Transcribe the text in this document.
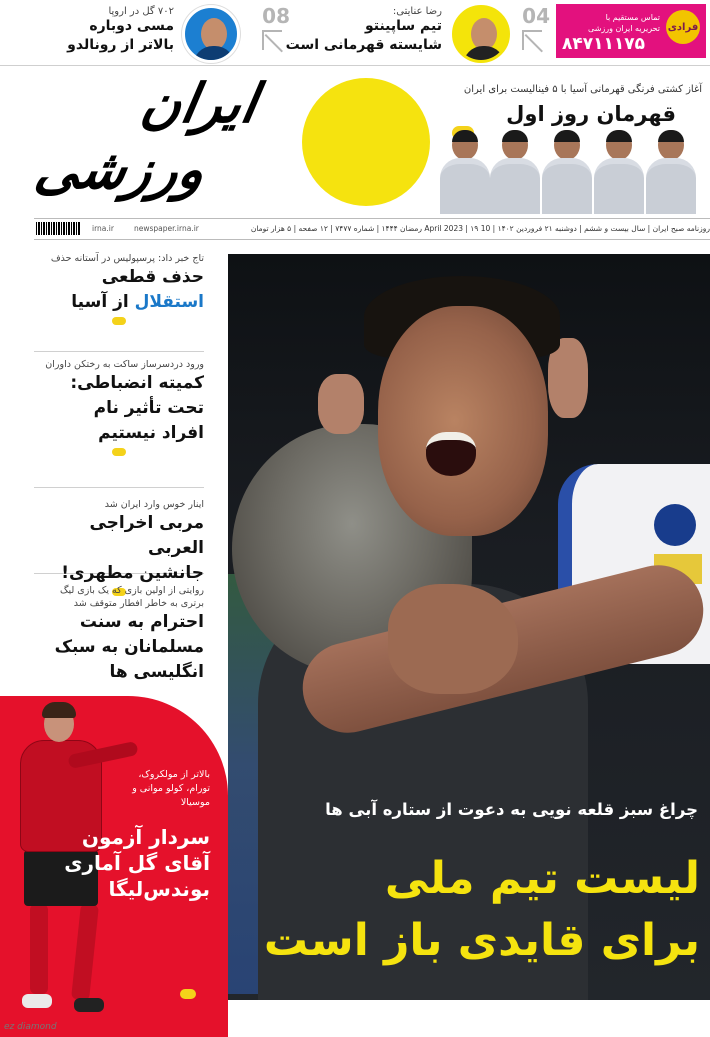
فرادی
تماس مستقیم با
تحریریه ایران ورزشی
۸۴۷۱۱۱۷۵
04
رضا عنایتی:
تیم ساپینتو
شایسته قهرمانی است
08
۷۰۲ گل در اروپا
مسی دوباره
بالاتر از رونالدو
ایران
ورزشی
آغاز کشتی فرنگی قهرمانی آسیا با ۵ فینالیست برای ایران
قهرمان روز اول
روزنامه صبح ایران | سال بیست و ششم | دوشنبه ۲۱ فروردین ۱۴۰۲ | 10 April 2023 | ۱۹ رمضان ۱۴۴۴ | شماره ۷۴۷۷ | ۱۲ صفحه | ۵ هزار تومان
newspaper.irna.ir
irna.ir
تاج خبر داد: پرسپولیس در آستانه حذف
حذف قطعی
استقلال از آسیا
ورود دردسرساز ساکت به رختکن داوران
کمیته انضباطی:
تحت تأثیر نام
افراد نیستیم
اینار خوس وارد ایران شد
مربی اخراجی العربی
جانشین مطهری!
روایتی از اولین بازی که یک بازی لیگ برتری به خاطر افطار متوقف شد
احترام به سنت
مسلمانان به سبک
انگلیسی ها
بالاتر از مولکروک، تورام، کولو موانی و موسیالا
سردار آزمون
آقای گل آماری
بوندس‌لیگا
چراغ سبز قلعه نویی به دعوت از ستاره آبی ها
لیست تیم ملی
برای قایدی باز است
ez diamond
